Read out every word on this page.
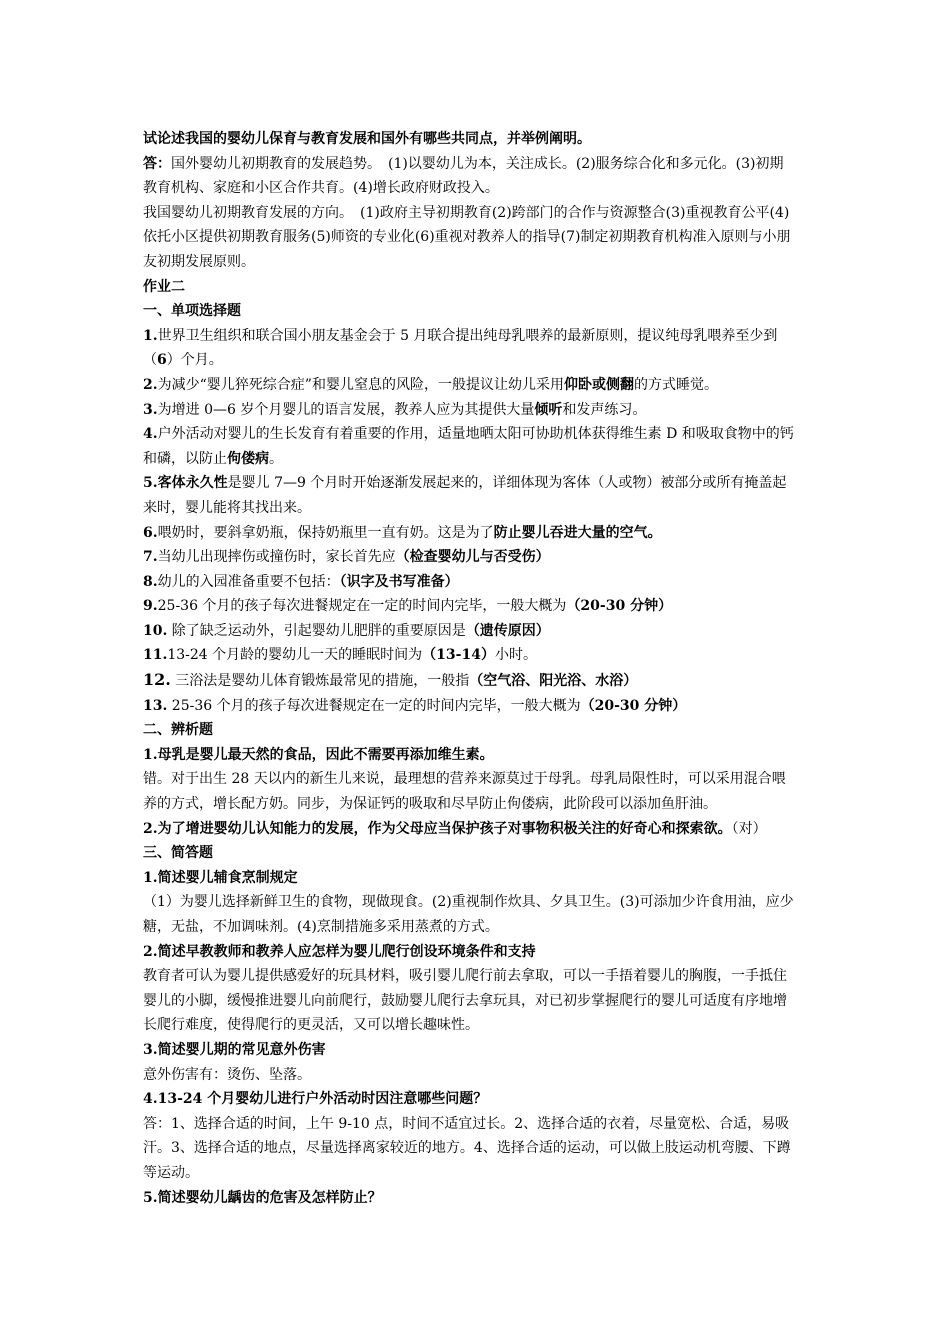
试论述我国的婴幼儿保育与教育发展和国外有哪些共同点，并举例阐明。
答：国外婴幼儿初期教育的发展趋势。　(1)以婴幼儿为本，关注成长。(2)服务综合化和多元化。(3)初期
教育机构、家庭和小区合作共育。(4)增长政府财政投入。
我国婴幼儿初期教育发展的方向。　(1)政府主导初期教育(2)跨部门的合作与资源整合(3)重视教育公平(4)
依托小区提供初期教育服务(5)师资的专业化(6)重视对教养人的指导(7)制定初期教育机构准入原则与小朋
友初期发展原则。
作业二
一、单项选择题
1.世界卫生组织和联合国小朋友基金会于 5 月联合提出纯母乳喂养的最新原则，提议纯母乳喂养至少到
（6）个月。
2.为减少“婴儿猝死综合症”和婴儿窒息的风险，一般提议让幼儿采用仰卧或侧翻的方式睡觉。
3.为增进 0—6 岁个月婴儿的语言发展，教养人应为其提供大量倾听和发声练习。
4.户外活动对婴儿的生长发育有着重要的作用，适量地晒太阳可协助机体获得维生素 D 和吸取食物中的钙
和磷，以防止佝偻病。
5.客体永久性是婴儿 7—9 个月时开始逐渐发展起来的，详细体现为客体（人或物）被部分或所有掩盖起
来时，婴儿能将其找出来。
6.喂奶时，要斜拿奶瓶，保持奶瓶里一直有奶。这是为了防止婴儿吞进大量的空气。
7.当幼儿出现摔伤或撞伤时，家长首先应（检查婴幼儿与否受伤）
8.幼儿的入园准备重要不包括：（识字及书写准备）
9.25-36 个月的孩子每次进餐规定在一定的时间内完毕，一般大概为（20-30 分钟）
10. 除了缺乏运动外，引起婴幼儿肥胖的重要原因是（遗传原因）
11.13-24 个月龄的婴幼儿一天的睡眠时间为（13-14）小时。
12. 三浴法是婴幼儿体育锻炼最常见的措施，一般指（空气浴、阳光浴、水浴）
13. 25-36 个月的孩子每次进餐规定在一定的时间内完毕，一般大概为（20-30 分钟）
二、辨析题
1.母乳是婴儿最天然的食品，因此不需要再添加维生素。
错。对于出生 28 天以内的新生儿来说，最理想的营养来源莫过于母乳。母乳局限性时，可以采用混合喂
养的方式，增长配方奶。同步，为保证钙的吸取和尽早防止佝偻病，此阶段可以添加鱼肝油。
2.为了增进婴幼儿认知能力的发展，作为父母应当保护孩子对事物积极关注的好奇心和探索欲。（对）
三、简答题
1.简述婴儿辅食烹制规定
（1）为婴儿选择新鲜卫生的食物，现做现食。(2)重视制作炊具、夕具卫生。(3)可添加少许食用油，应少
糖，无盐，不加调味剂。(4)烹制措施多采用蒸煮的方式。
2.简述早教教师和教养人应怎样为婴儿爬行创设环境条件和支持
教育者可认为婴儿提供感爱好的玩具材料，吸引婴儿爬行前去拿取，可以一手捂着婴儿的胸腹，一手抵住
婴儿的小脚，缓慢推进婴儿向前爬行，鼓励婴儿爬行去拿玩具，对已初步掌握爬行的婴儿可适度有序地增
长爬行难度，使得爬行的更灵活，又可以增长趣味性。
3.简述婴儿期的常见意外伤害
意外伤害有：烫伤、坠落。
4.13-24 个月婴幼儿进行户外活动时因注意哪些问题？
答：1、选择合适的时间，上午 9-10 点，时间不适宜过长。2、选择合适的衣着，尽量宽松、合适，易吸
汗。3、选择合适的地点，尽量选择离家较近的地方。4、选择合适的运动，可以做上肢运动机弯腰、下蹲
等运动。
5.简述婴幼儿龋齿的危害及怎样防止？
